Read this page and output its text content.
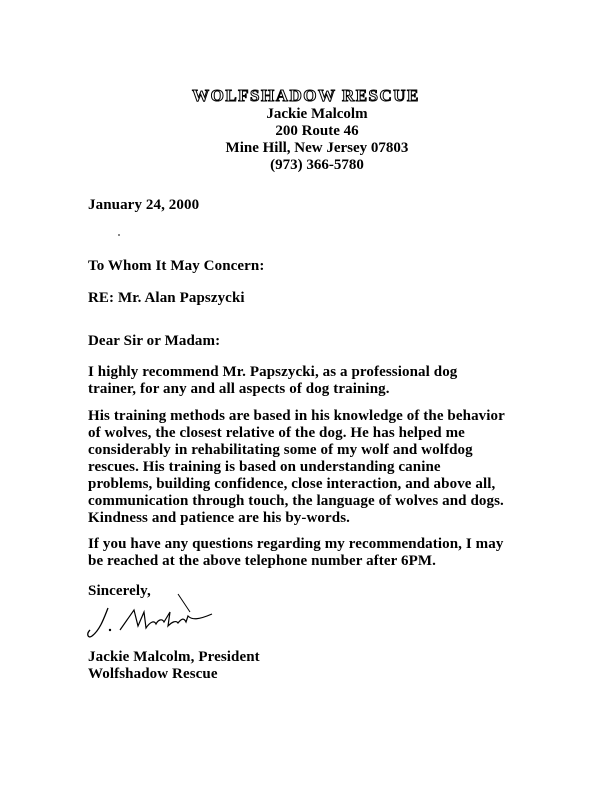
WOLFSHADOW RESCUE
Jackie Malcolm
200 Route 46
Mine Hill, New Jersey 07803
(973) 366-5780
January 24, 2000
To Whom It May Concern:
RE: Mr. Alan Papszycki
Dear Sir or Madam:
I highly recommend Mr. Papszycki, as a professional dog trainer, for any and all aspects of dog training.
His training methods are based in his knowledge of the behavior of wolves, the closest relative of the dog. He has helped me considerably in rehabilitating some of my wolf and wolfdog rescues. His training is based on understanding canine problems, building confidence, close interaction, and above all, communication through touch, the language of wolves and dogs. Kindness and patience are his by-words.
If you have any questions regarding my recommendation, I may be reached at the above telephone number after 6PM.
Sincerely,
Jackie Malcolm, President
Wolfshadow Rescue
